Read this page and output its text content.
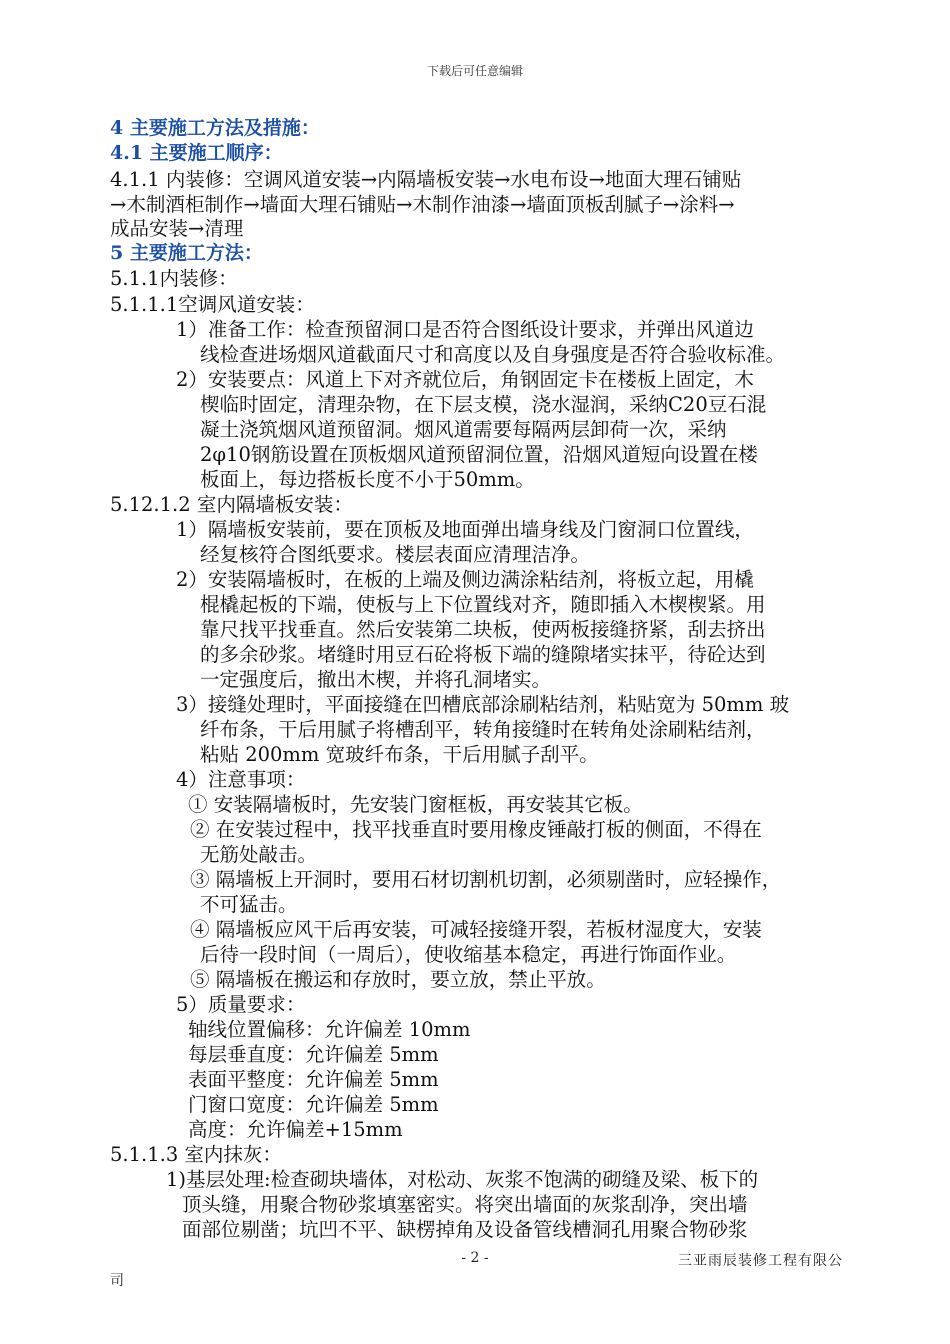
下载后可任意编辑
4 主要施工方法及措施：
4.1 主要施工顺序：
4.1.1 内装修：空调风道安装→内隔墙板安装→水电布设→地面大理石铺贴
→木制酒柜制作→墙面大理石铺贴→木制作油漆→墙面顶板刮腻子→涂料→
成品安装→清理
5 主要施工方法：
5.1.1内装修：
5.1.1.1空调风道安装：
1）准备工作：检查预留洞口是否符合图纸设计要求，并弹出风道边
线检查进场烟风道截面尺寸和高度以及自身强度是否符合验收标准。
2）安装要点：风道上下对齐就位后，角钢固定卡在楼板上固定，木
楔临时固定，清理杂物，在下层支模，浇水湿润，采纳C20豆石混
凝土浇筑烟风道预留洞。烟风道需要每隔两层卸荷一次，采纳
2φ10钢筋设置在顶板烟风道预留洞位置，沿烟风道短向设置在楼
板面上，每边搭板长度不小于50mm。
5.12.1.2 室内隔墙板安装：
1）隔墙板安装前，要在顶板及地面弹出墙身线及门窗洞口位置线，
经复核符合图纸要求。楼层表面应清理洁净。
2）安装隔墙板时，在板的上端及侧边满涂粘结剂，将板立起，用橇
棍橇起板的下端，使板与上下位置线对齐，随即插入木楔楔紧。用
靠尺找平找垂直。然后安装第二块板，使两板接缝挤紧，刮去挤出
的多余砂浆。堵缝时用豆石砼将板下端的缝隙堵实抹平，待砼达到
一定强度后，撤出木楔，并将孔洞堵实。
3）接缝处理时，平面接缝在凹槽底部涂刷粘结剂，粘贴宽为 50mm 玻
纤布条，干后用腻子将槽刮平，转角接缝时在转角处涂刷粘结剂，
粘贴 200mm 宽玻纤布条，干后用腻子刮平。
4）注意事项：
① 安装隔墙板时，先安装门窗框板，再安装其它板。
② 在安装过程中，找平找垂直时要用橡皮锤敲打板的侧面，不得在
无筋处敲击。
③ 隔墙板上开洞时，要用石材切割机切割，必须剔凿时，应轻操作，
不可猛击。
④ 隔墙板应风干后再安装，可减轻接缝开裂，若板材湿度大，安装
后待一段时间（一周后），使收缩基本稳定，再进行饰面作业。
⑤ 隔墙板在搬运和存放时，要立放，禁止平放。
5）质量要求：
轴线位置偏移：允许偏差 10mm
每层垂直度：允许偏差 5mm
表面平整度：允许偏差 5mm
门窗口宽度：允许偏差 5mm
高度：允许偏差+15mm
5.1.1.3 室内抹灰：
1)基层处理:检查砌块墙体，对松动、灰浆不饱满的砌缝及梁、板下的
顶头缝，用聚合物砂浆填塞密实。将突出墙面的灰浆刮净，突出墙
面部位剔凿；坑凹不平、缺楞掉角及设备管线槽洞孔用聚合物砂浆
- 2 -	三亚雨辰装修工程有限公
司
